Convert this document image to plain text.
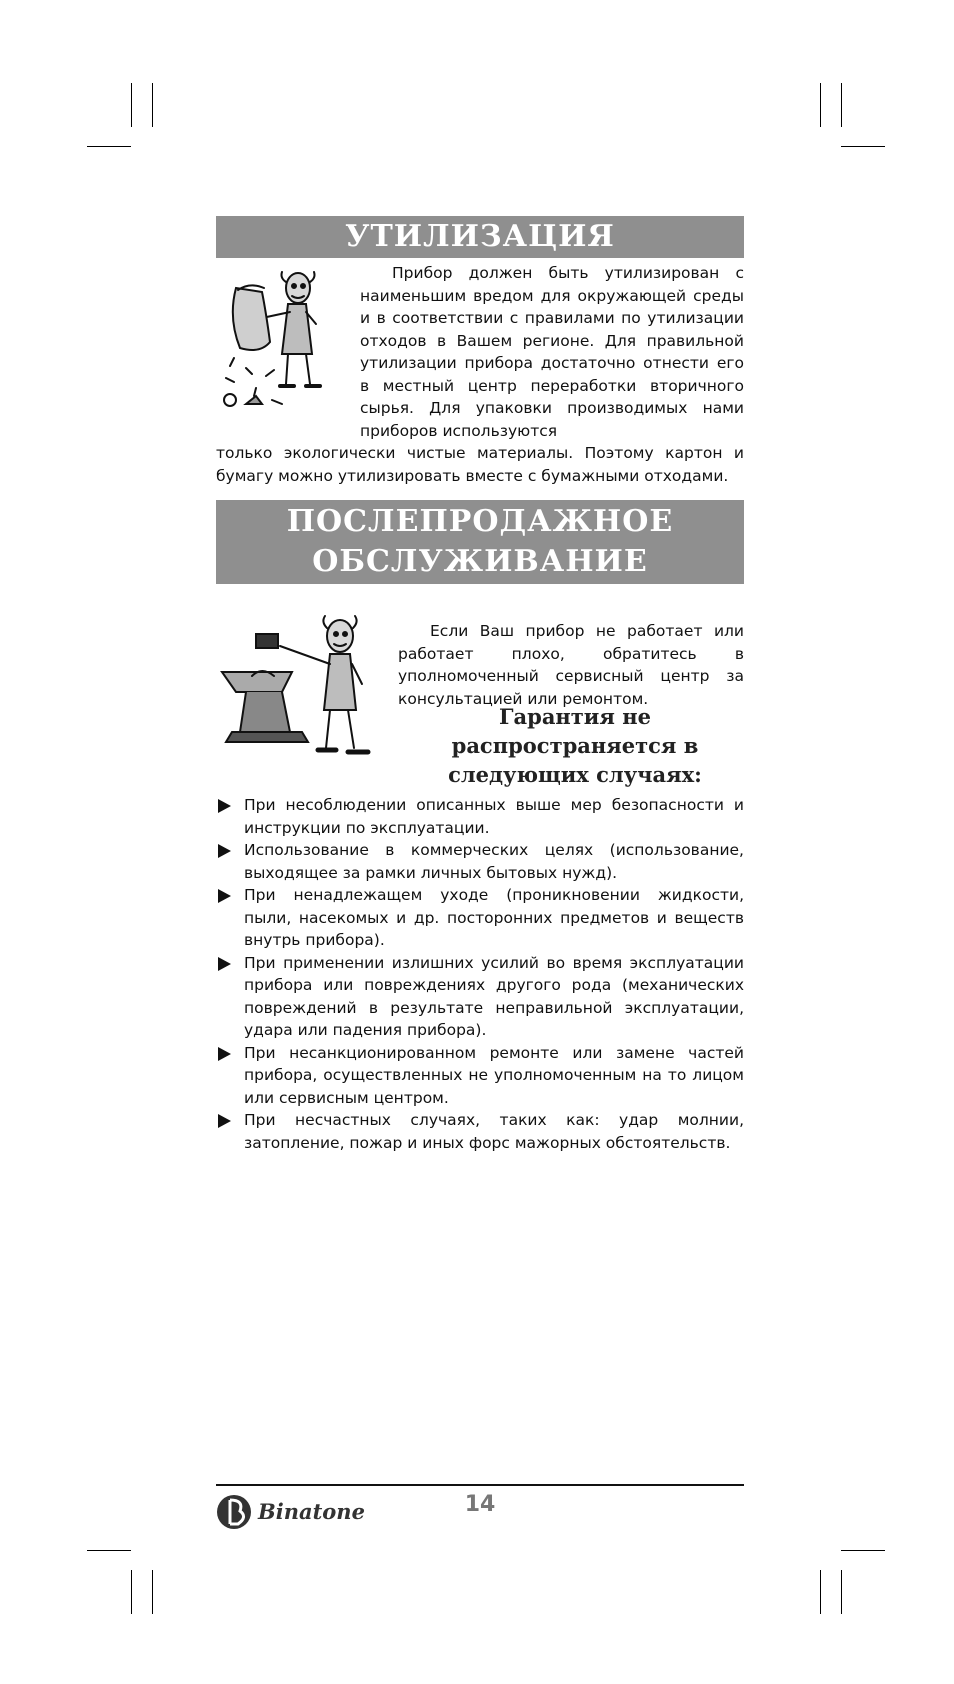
УТИЛИЗАЦИЯ

Прибор должен быть утилизирован с наименьшим вредом для окружающей среды и в соответствии с правилами по утилизации отходов в Вашем регионе. Для правильной утилизации прибора достаточно отнести его в местный центр переработки вторичного сырья. Для упаковки производимых нами приборов используются

только экологически чистые материалы. Поэтому картон и бумагу можно утилизировать вместе с бумажными отходами.

ПОСЛЕПРОДАЖНОЕ
ОБСЛУЖИВАНИЕ

Если Ваш прибор не работает или работает плохо, обратитесь в уполномоченный сервисный центр за консультацией или ремонтом.

Гарантия не
распространяется в
следующих случаях:
При несоблюдении описанных выше мер безопасности и инструкции по эксплуатации.
Использование в коммерческих целях (использование, выходящее за рамки личных бытовых нужд).
При ненадлежащем уходе (проникновении жидкости, пыли, насекомых и др. посторонних предметов и веществ внутрь прибора).
При применении излишних усилий во время эксплуатации прибора или повреждениях другого рода (механических повреждений в результате неправильной эксплуатации, удара или падения прибора).
При несанкционированном ремонте или замене частей прибора, осуществленных не уполномоченным на то лицом или сервисным центром.
При несчастных случаях, таких как: удар молнии, затопление, пожар и иных форс мажорных обстоятельств.
Binatone	14
